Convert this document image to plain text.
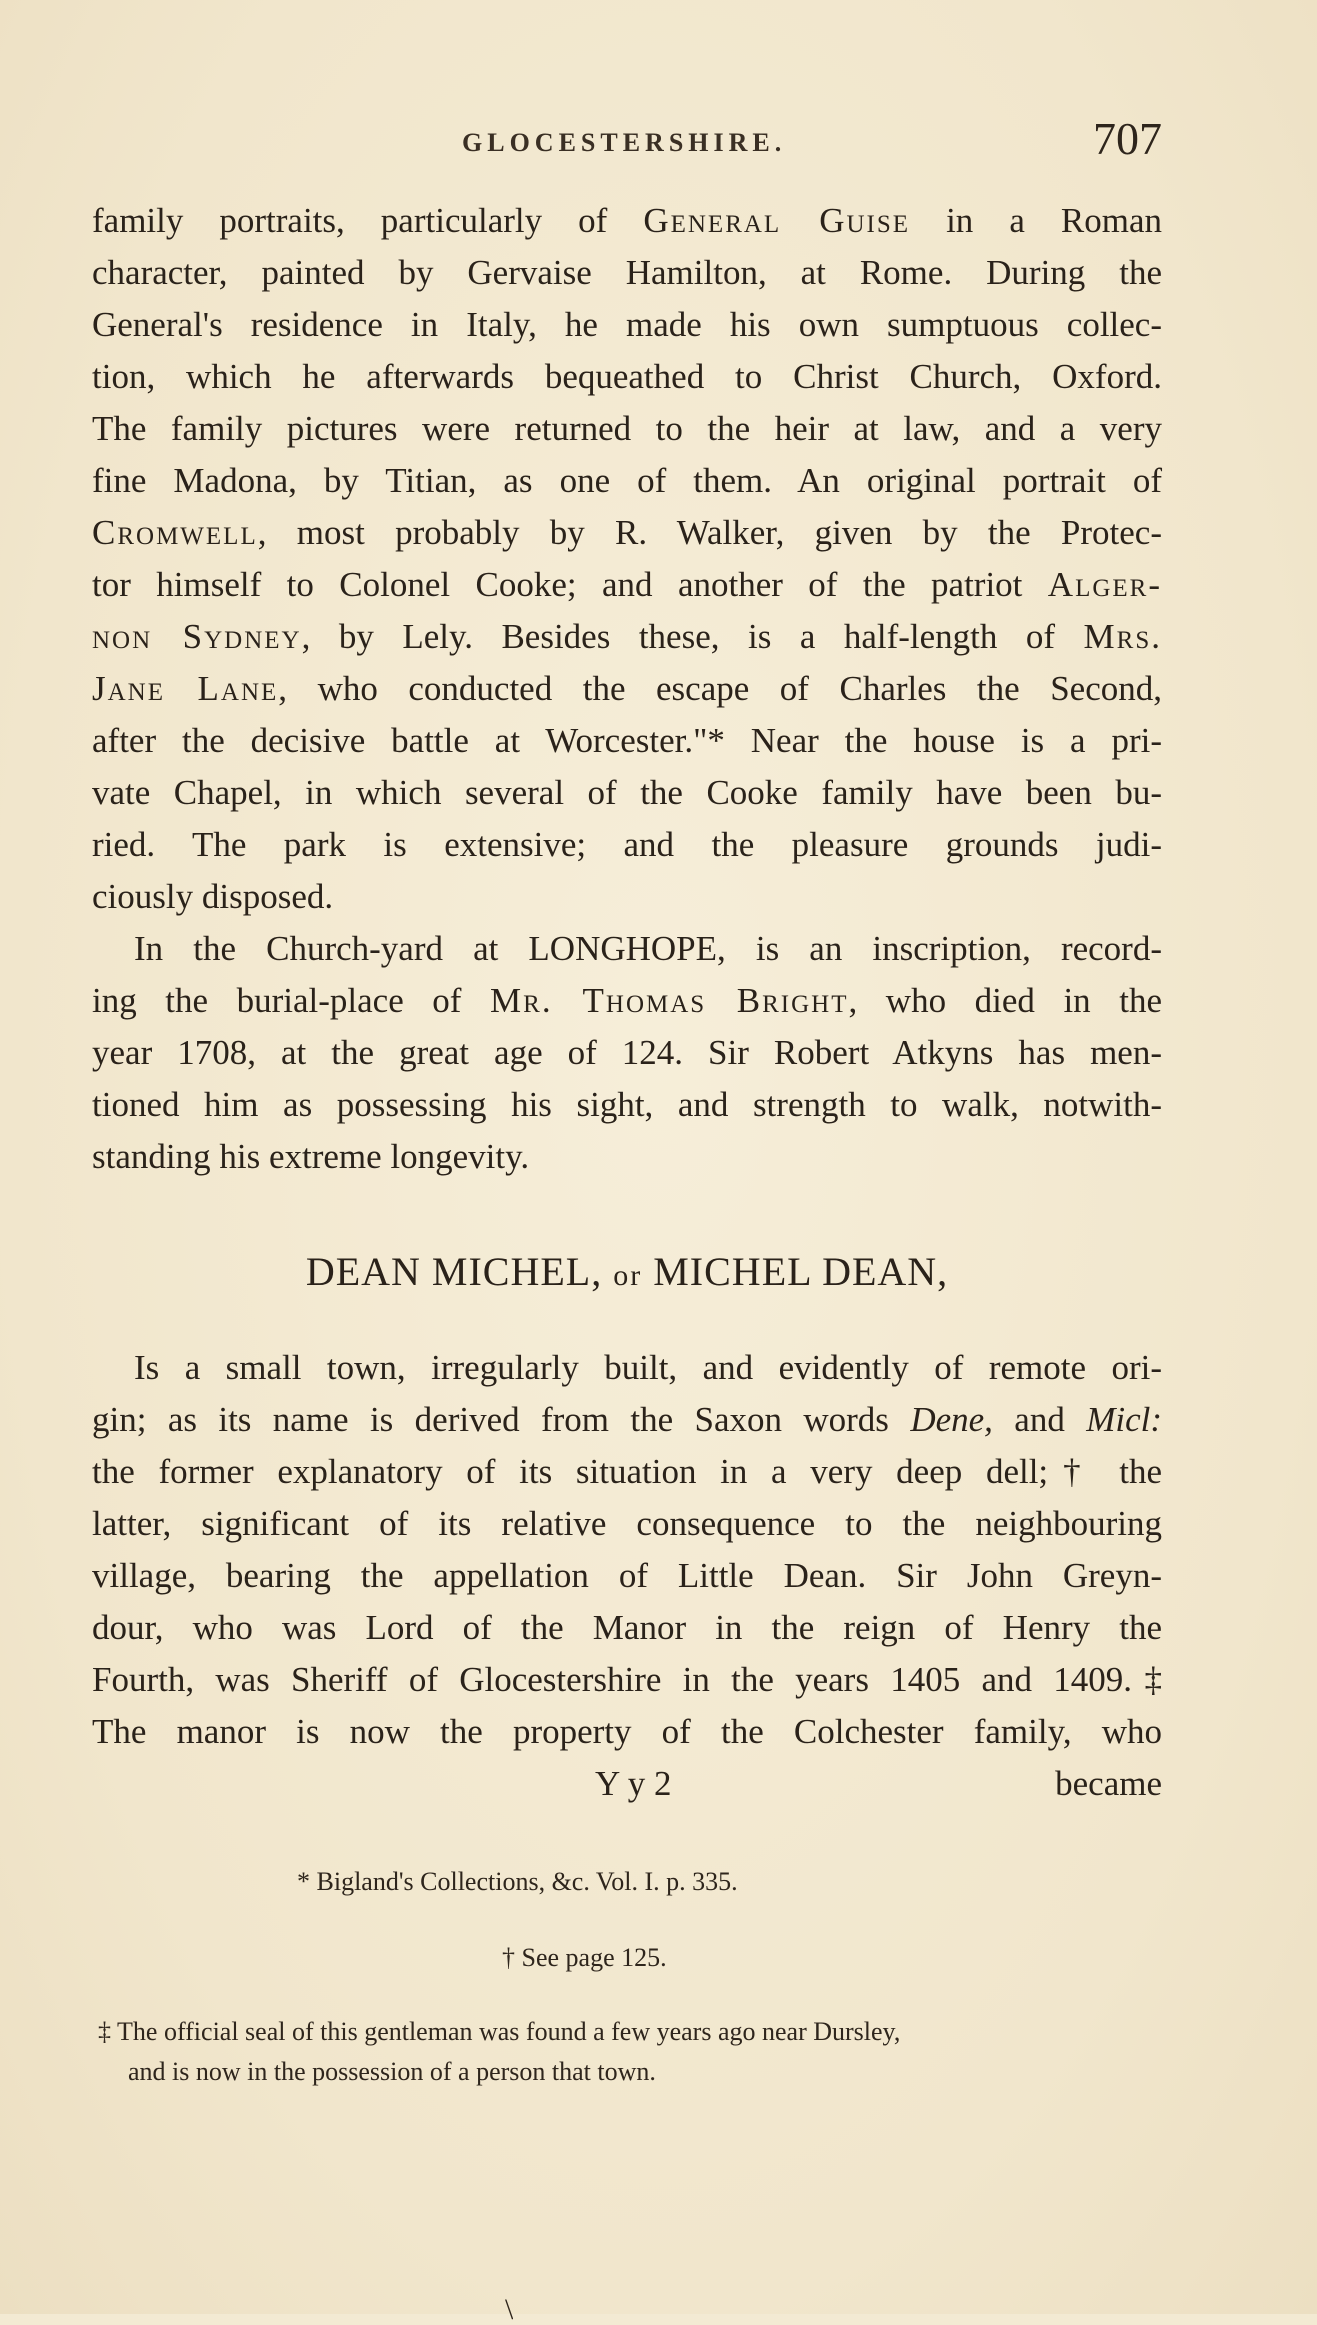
GLOCESTERSHIRE.	707
family portraits, particularly of General Guise in a Roman
character, painted by Gervaise Hamilton, at Rome. During the
General's residence in Italy, he made his own sumptuous collec-
tion, which he afterwards bequeathed to Christ Church, Oxford.
The family pictures were returned to the heir at law, and a very
fine Madona, by Titian, as one of them. An original portrait of
Cromwell, most probably by R. Walker, given by the Protec-
tor himself to Colonel Cooke; and another of the patriot Alger-
non Sydney, by Lely. Besides these, is a half-length of Mrs.
Jane Lane, who conducted the escape of Charles the Second,
after the decisive battle at Worcester."* Near the house is a pri-
vate Chapel, in which several of the Cooke family have been bu-
ried. The park is extensive; and the pleasure grounds judi-
ciously disposed.
In the Church-yard at LONGHOPE, is an inscription, record-
ing the burial-place of Mr. Thomas Bright, who died in the
year 1708, at the great age of 124. Sir Robert Atkyns has men-
tioned him as possessing his sight, and strength to walk, notwith-
standing his extreme longevity.
DEAN MICHEL, or MICHEL DEAN,
Is a small town, irregularly built, and evidently of remote ori-
gin; as its name is derived from the Saxon words Dene, and Micl:
the former explanatory of its situation in a very deep dell;† the
latter, significant of its relative consequence to the neighbouring
village, bearing the appellation of Little Dean. Sir John Greyn-
dour, who was Lord of the Manor in the reign of Henry the
Fourth, was Sheriff of Glocestershire in the years 1405 and 1409.‡
The manor is now the property of the Colchester family, who
Y y 2	became
* Bigland's Collections, &c. Vol. I. p. 335.
† See page 125.
‡ The official seal of this gentleman was found a few years ago near Dursley,
and is now in the possession of a person that town.
\
